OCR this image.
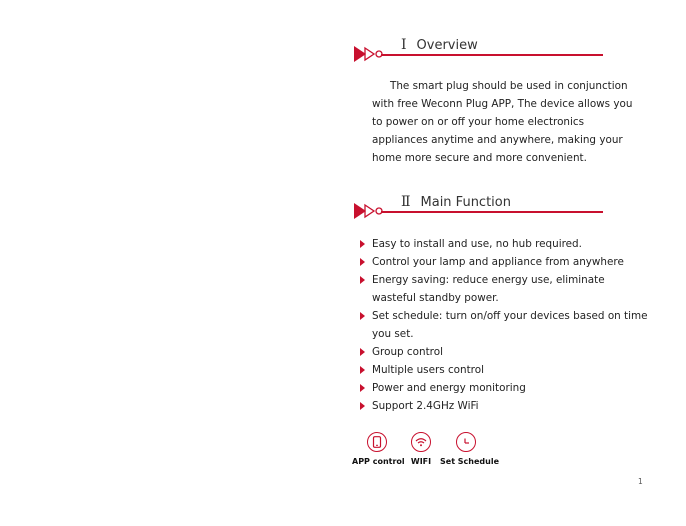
Ⅰ Overview
The smart plug should be used in conjunction with free Weconn Plug APP, The device allows you to power on or off your home electronics appliances anytime and anywhere, making your home more secure and more convenient.
Ⅱ Main Function
Easy to install and use, no hub required.
Control your lamp and appliance from anywhere
Energy saving: reduce energy use, eliminate wasteful standby power.
Set schedule: turn on/off your devices based on time you set.
Group control
Multiple users control
Power and energy monitoring
Support 2.4GHz WiFi
APP control WIFI	Set Schedule
1
